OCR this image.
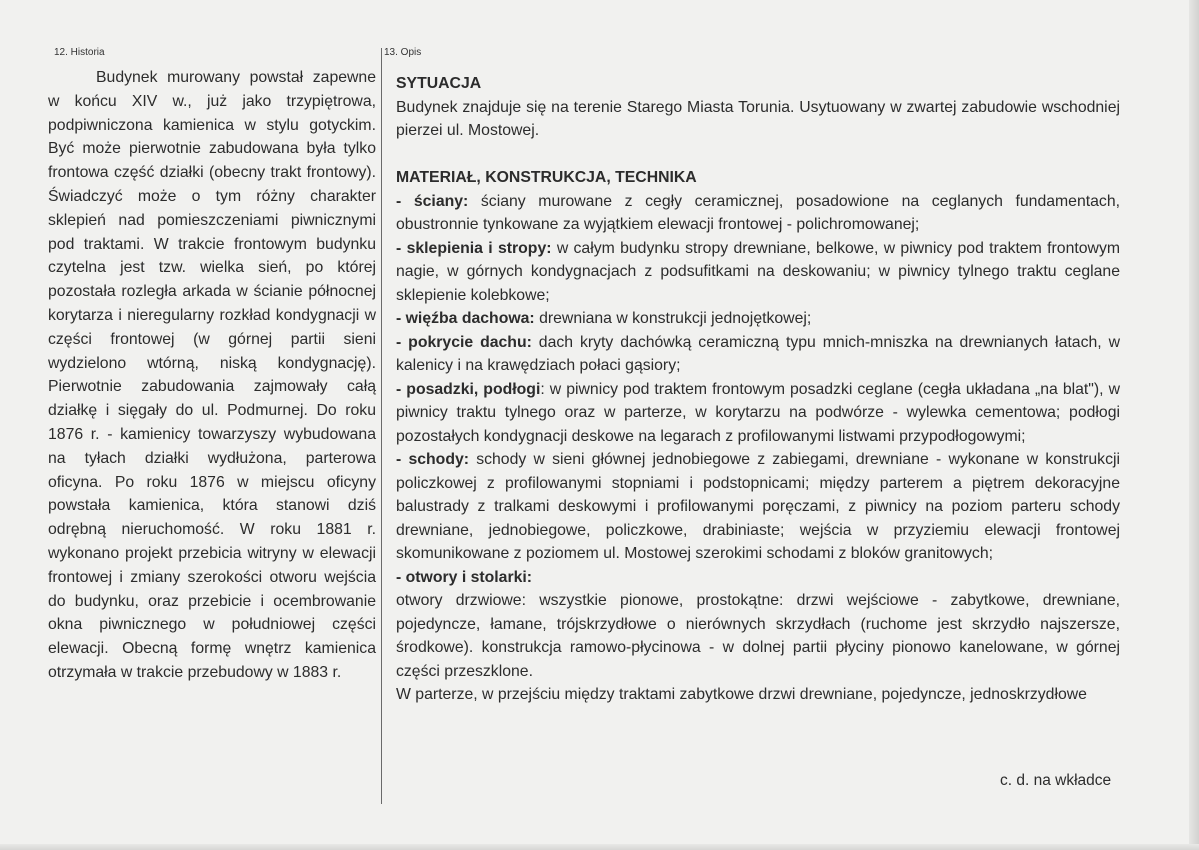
12. Historia

Budynek murowany powstał zapewne w końcu XIV w., już jako trzypiętrowa, podpiwniczona kamienica w stylu gotyckim. Być może pierwotnie zabudowana była tylko frontowa część działki (obecny trakt frontowy). Świadczyć może o tym różny charakter sklepień nad pomieszczeniami piwnicznymi pod traktami. W trakcie frontowym budynku czytelna jest tzw. wielka sień, po której pozostała rozległa arkada w ścianie północnej korytarza i nieregularny rozkład kondygnacji w części frontowej (w górnej partii sieni wydzielono wtórną, niską kondygnację). Pierwotnie zabudowania zajmowały całą działkę i sięgały do ul. Podmurnej. Do roku 1876 r. - kamienicy towarzyszy wybudowana na tyłach działki wydłużona, parterowa oficyna. Po roku 1876 w miejscu oficyny powstała kamienica, która stanowi dziś odrębną nieruchomość. W roku 1881 r. wykonano projekt przebicia witryny w elewacji frontowej i zmiany szerokości otworu wejścia do budynku, oraz przebicie i ocembrowanie okna piwnicznego w południowej części elewacji. Obecną formę wnętrz kamienica otrzymała w trakcie przebudowy w 1883 r.

13. Opis

SYTUACJA

Budynek znajduje się na terenie Starego Miasta Torunia. Usytuowany w zwartej zabudowie wschodniej pierzei ul. Mostowej.

MATERIAŁ, KONSTRUKCJA, TECHNIKA

- ściany: ściany murowane z cegły ceramicznej, posadowione na ceglanych fundamentach, obustronnie tynkowane za wyjątkiem elewacji frontowej - polichromowanej;

- sklepienia i stropy: w całym budynku stropy drewniane, belkowe, w piwnicy pod traktem frontowym nagie, w górnych kondygnacjach z podsufitkami na deskowaniu; w piwnicy tylnego traktu ceglane sklepienie kolebkowe;

- więźba dachowa: drewniana w konstrukcji jednojętkowej;

- pokrycie dachu: dach kryty dachówką ceramiczną typu mnich-mniszka na drewnianych łatach, w kalenicy i na krawędziach połaci gąsiory;

- posadzki, podłogi: w piwnicy pod traktem frontowym posadzki ceglane (cegła układana „na blat"), w piwnicy traktu tylnego oraz w parterze, w korytarzu na podwórze - wylewka cementowa; podłogi pozostałych kondygnacji deskowe na legarach z profilowanymi listwami przypodłogowymi;

- schody: schody w sieni głównej jednobiegowe z zabiegami, drewniane - wykonane w konstrukcji policzkowej z profilowanymi stopniami i podstopnicami; między parterem a piętrem dekoracyjne balustrady z tralkami deskowymi i profilowanymi poręczami, z piwnicy na poziom parteru schody drewniane, jednobiegowe, policzkowe, drabiniaste; wejścia w przyziemiu elewacji frontowej skomunikowane z poziomem ul. Mostowej szerokimi schodami z bloków granitowych;

- otwory i stolarki:

otwory drzwiowe: wszystkie pionowe, prostokątne: drzwi wejściowe - zabytkowe, drewniane, pojedyncze, łamane, trójskrzydłowe o nierównych skrzydłach (ruchome jest skrzydło najszersze, środkowe). konstrukcja ramowo-płycinowa - w dolnej partii płyciny pionowo kanelowane, w górnej części przeszklone.

W parterze, w przejściu między traktami zabytkowe drzwi drewniane, pojedyncze, jednoskrzydłowe

c. d. na wkładce
